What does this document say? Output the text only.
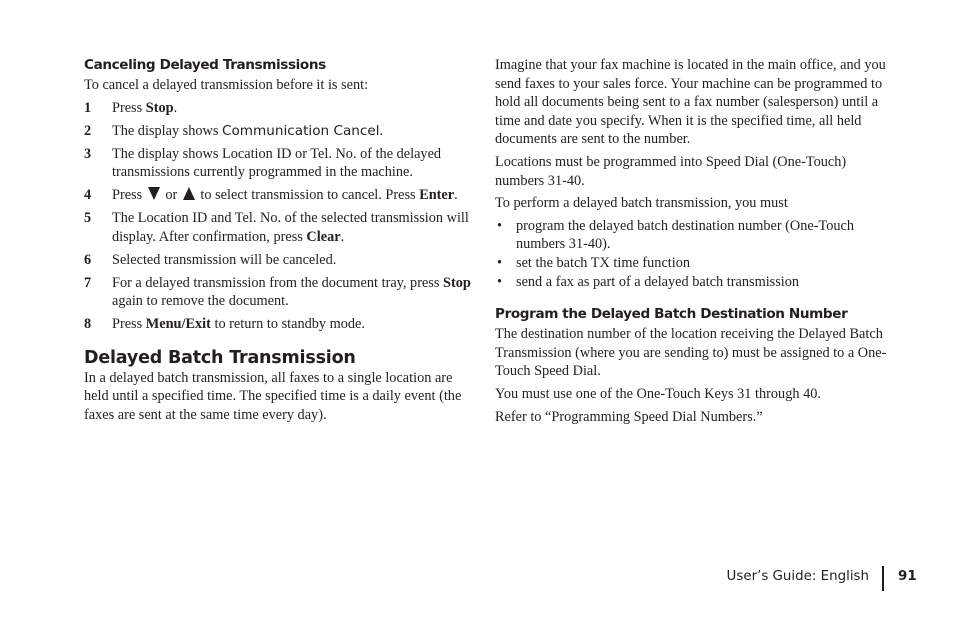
Canceling Delayed Transmissions

To cancel a delayed transmission before it is sent:

1	Press Stop.
2	The display shows Communication Cancel.
3	The display shows Location ID or Tel. No. of the delayed transmissions currently programmed in the machine.
4	Press  or  to select transmission to cancel. Press Enter.
5	The Location ID and Tel. No. of the selected transmission will display. After confirmation, press Clear.
6	Selected transmission will be canceled.
7	For a delayed transmission from the document tray, press Stop again to remove the document.
8	Press Menu/Exit to return to standby mode.
Delayed Batch Transmission

In a delayed batch transmission, all faxes to a single location are held until a specified time. The specified time is a daily event (the faxes are sent at the same time every day).

Imagine that your fax machine is located in the main office, and you send faxes to your sales force. Your machine can be programmed to hold all documents being sent to a fax number (salesperson) until a time and date you specify. When it is the specified time, all held documents are sent to the number.

Locations must be programmed into Speed Dial (One-Touch) numbers 31-40.

To perform a delayed batch transmission, you must

• program the delayed batch destination number (One-Touch numbers 31-40).
• set the batch TX time function
• send a fax as part of a delayed batch transmission
Program the Delayed Batch Destination Number

The destination number of the location receiving the Delayed Batch Transmission (where you are sending to) must be assigned to a One-Touch Speed Dial.

You must use one of the One-Touch Keys 31 through 40.

Refer to “Programming Speed Dial Numbers.”

User’s Guide: English 91
